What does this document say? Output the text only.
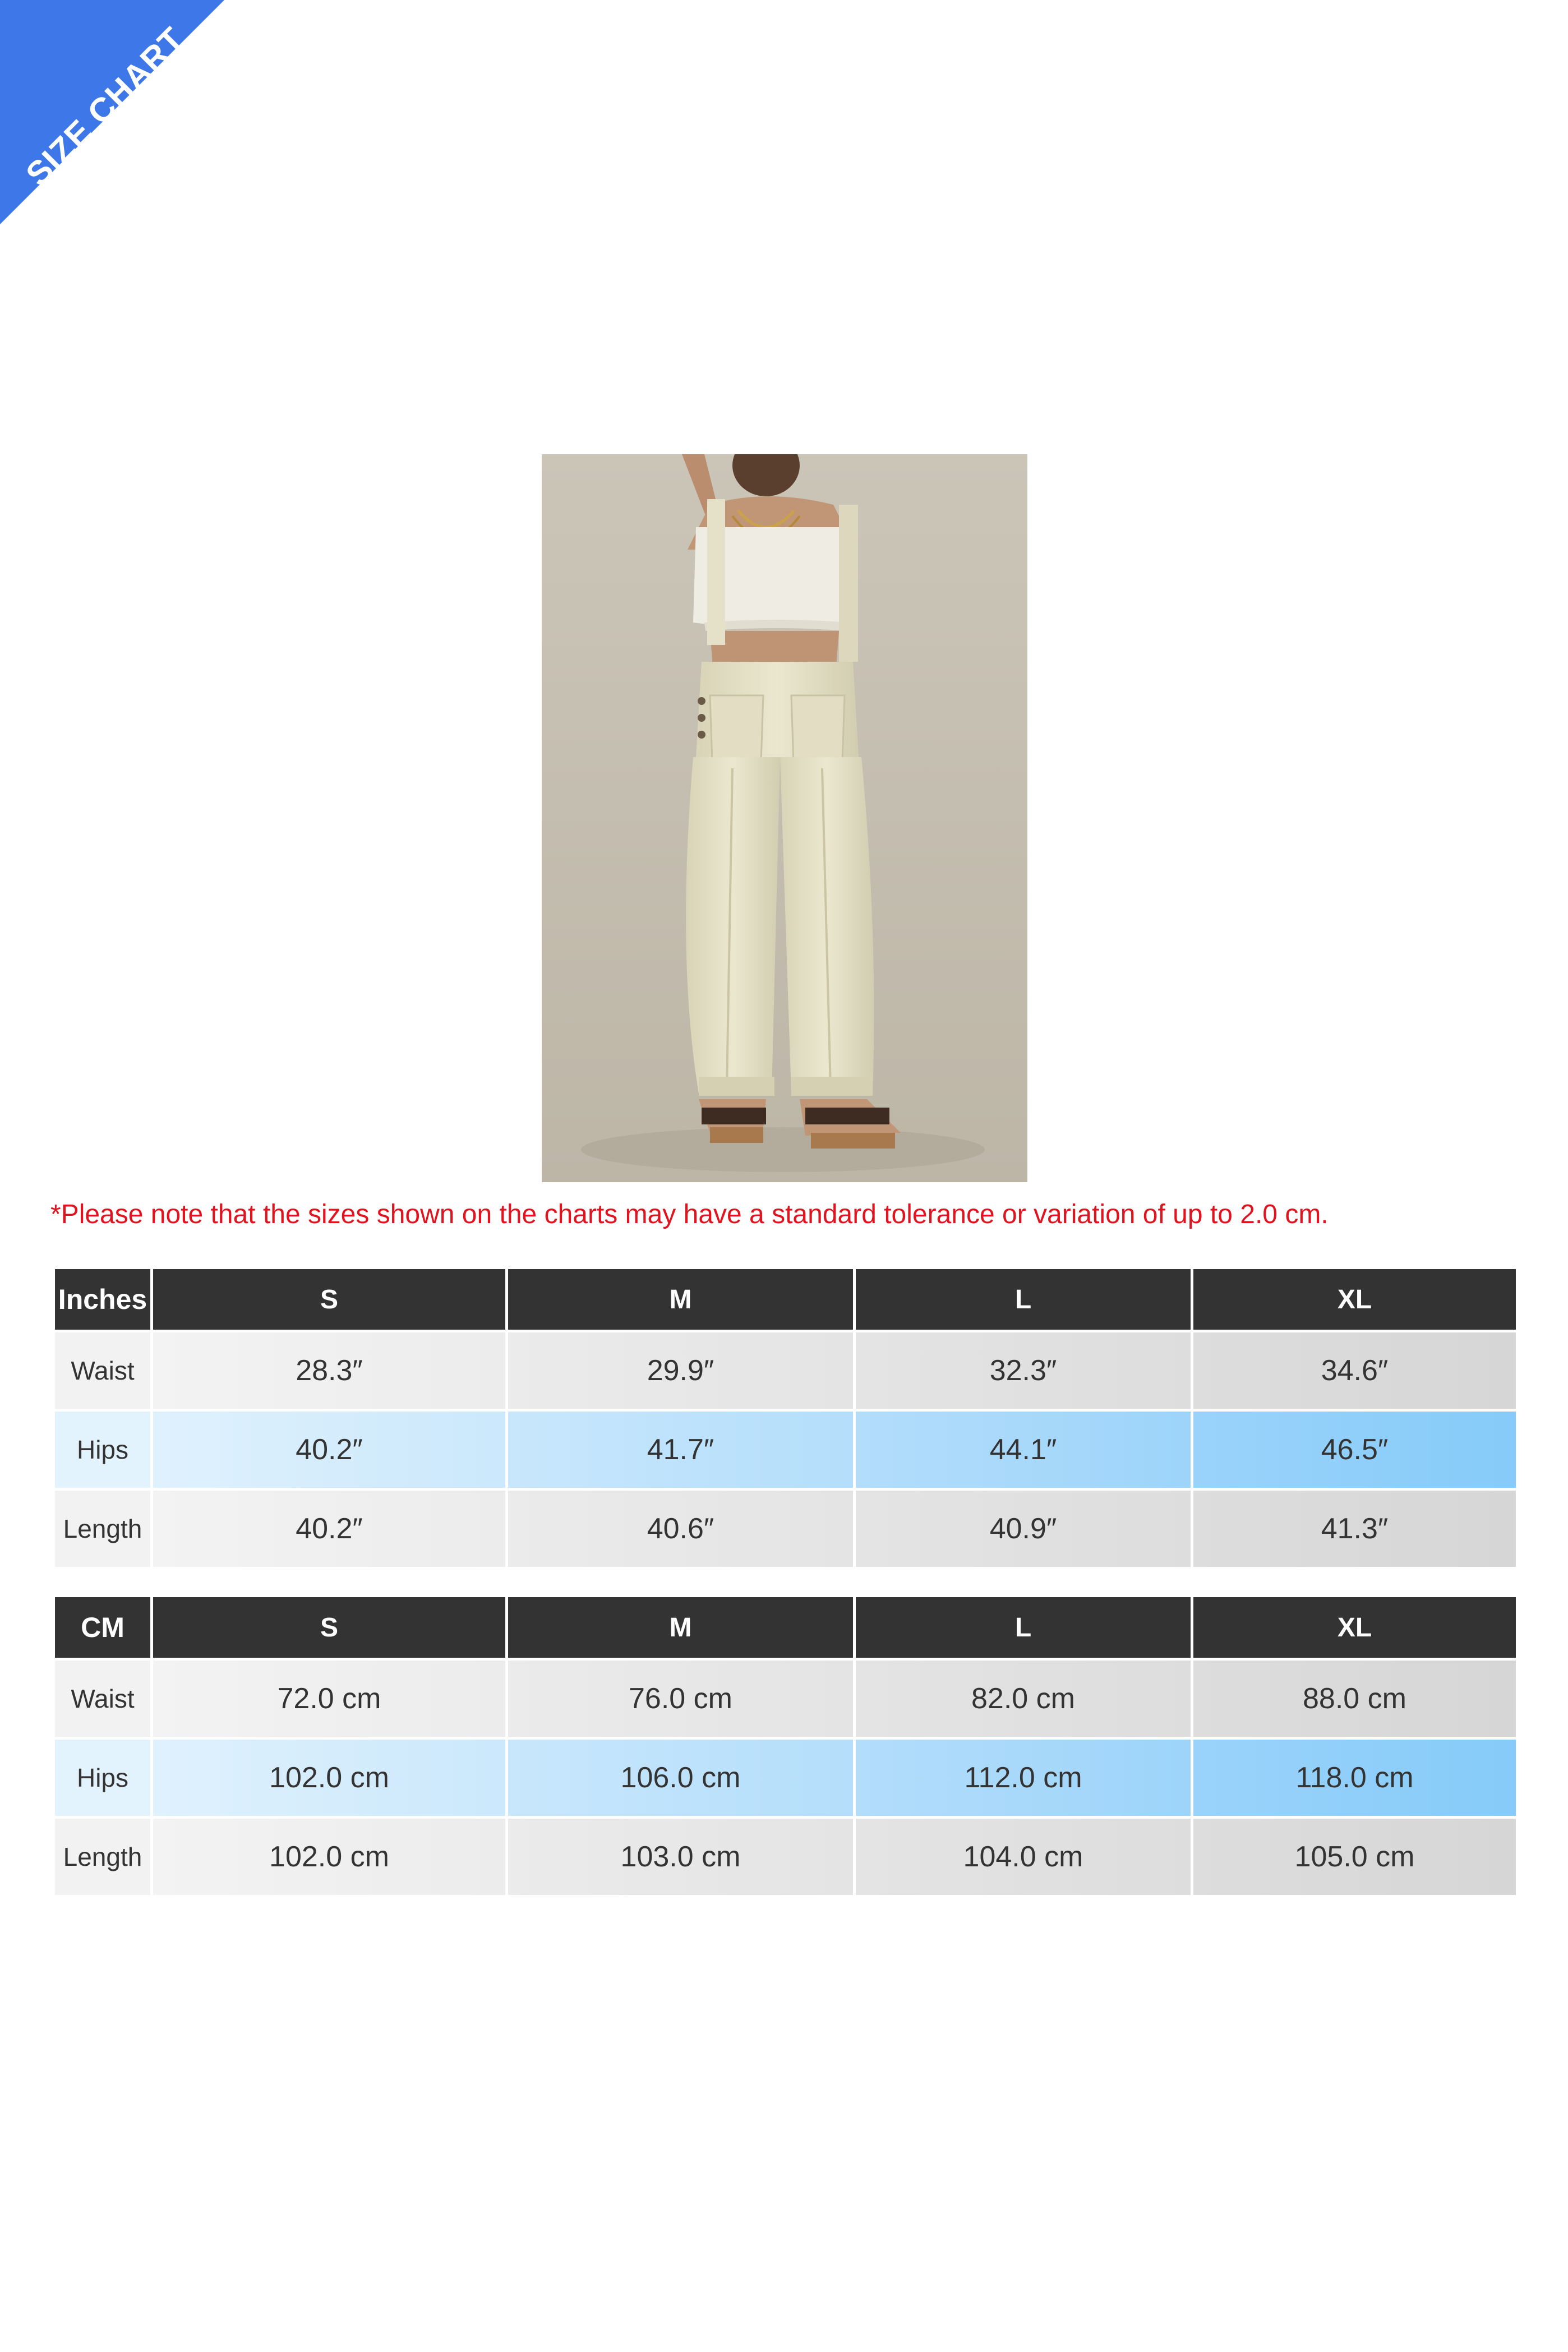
SIZE CHART
*Please note that the sizes shown on the charts may have a standard tolerance or variation of up to 2.0 cm.
Inches	S	M	L	XL
Waist	28.3″	29.9″	32.3″	34.6″
Hips	40.2″	41.7″	44.1″	46.5″
Length	40.2″	40.6″	40.9″	41.3″
CM	S	M	L	XL
Waist	72.0 cm	76.0 cm	82.0 cm	88.0 cm
Hips	102.0 cm	106.0 cm	112.0 cm	118.0 cm
Length	102.0 cm	103.0 cm	104.0 cm	105.0 cm
